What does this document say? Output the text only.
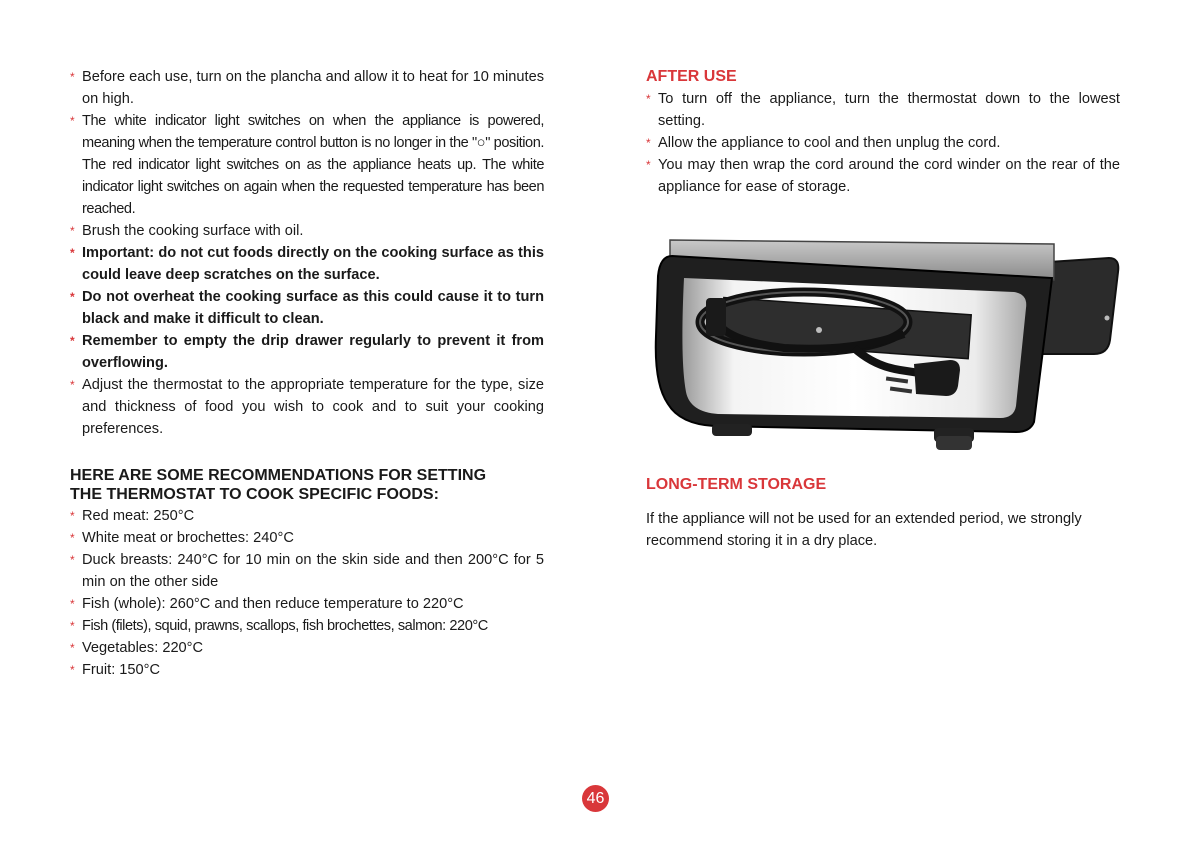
* Before each use, turn on the plancha and allow it to heat for 10 minutes on high.
* The white indicator light switches on when the appliance is powered, meaning when the temperature control button is no longer in the "○" position. The red indicator light switches on as the appliance heats up. The white indicator light switches on again when the requested temperature has been reached.
* Brush the cooking surface with oil.
* Important: do not cut foods directly on the cooking surface as this could leave deep scratches on the surface.
* Do not overheat the cooking surface as this could cause it to turn black and make it difficult to clean.
* Remember to empty the drip drawer regularly to prevent it from overflowing.
* Adjust the thermostat to the appropriate temperature for the type, size and thickness of food you wish to cook and to suit your cooking preferences.
HERE ARE SOME RECOMMENDATIONS FOR SETTING
THE THERMOSTAT TO COOK SPECIFIC FOODS:
* Red meat: 250°C
* White meat or brochettes: 240°C
* Duck breasts: 240°C for 10 min on the skin side and then 200°C for 5 min on the other side
* Fish (whole): 260°C and then reduce temperature to 220°C
* Fish (filets), squid, prawns, scallops, fish brochettes, salmon: 220°C
* Vegetables: 220°C
* Fruit: 150°C
AFTER USE
* To turn off the appliance, turn the thermostat down to the lowest setting.
* Allow the appliance to cool and then unplug the cord.
* You may then wrap the cord around the cord winder on the rear of the appliance for ease of storage.
LONG-TERM STORAGE

If the appliance will not be used for an extended period, we strongly recommend storing it in a dry place.

46
